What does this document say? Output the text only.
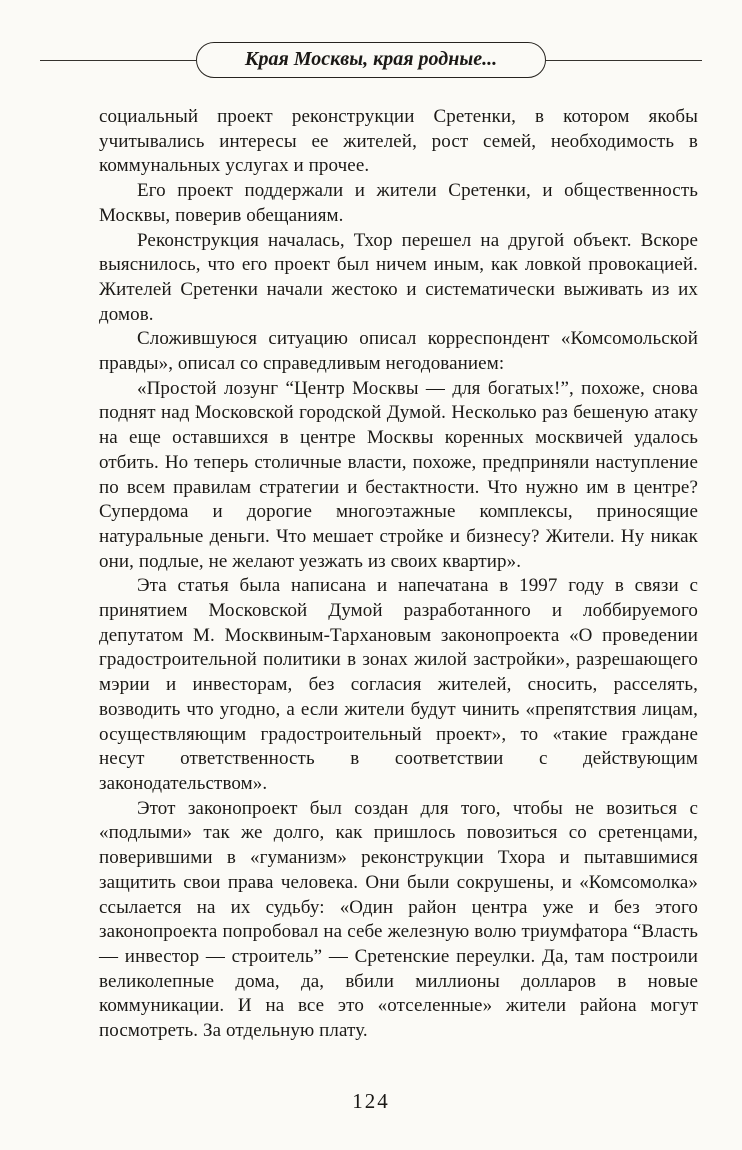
Края Москвы, края родные...

социальный проект реконструкции Сретенки, в котором якобы учитывались интересы ее жителей, рост семей, необходимость в коммунальных услугах и прочее.

Его проект поддержали и жители Сретенки, и общественность Москвы, поверив обещаниям.

Реконструкция началась, Тхор перешел на другой объект. Вскоре выяснилось, что его проект был ничем иным, как ловкой провокацией. Жителей Сретенки начали жестоко и систематически выживать из их домов.

Сложившуюся ситуацию описал корреспондент «Комсомольской правды», описал со справедливым негодованием:

«Простой лозунг “Центр Москвы — для богатых!”, похоже, снова поднят над Московской городской Думой. Несколько раз бешеную атаку на еще оставшихся в центре Москвы коренных москвичей удалось отбить. Но теперь столичные власти, похоже, предприняли наступление по всем правилам стратегии и бестактности. Что нужно им в центре? Супердома и дорогие многоэтажные комплексы, приносящие натуральные деньги. Что мешает стройке и бизнесу? Жители. Ну никак они, подлые, не желают уезжать из своих квартир».

Эта статья была написана и напечатана в 1997 году в связи с принятием Московской Думой разработанного и лоббируемого депутатом М. Москвиным-Тархановым законопроекта «О проведении градостроительной политики в зонах жилой застройки», разрешающего мэрии и инвесторам, без согласия жителей, сносить, расселять, возводить что угодно, а если жители будут чинить «препятствия лицам, осуществляющим градостроительный проект», то «такие граждане несут ответственность в соответствии с действующим законодательством».

Этот законопроект был создан для того, чтобы не возиться с «подлыми» так же долго, как пришлось повозиться со сретенцами, поверившими в «гуманизм» реконструкции Тхора и пытавшимися защитить свои права человека. Они были сокрушены, и «Комсомолка» ссылается на их судьбу: «Один район центра уже и без этого законопроекта попробовал на себе железную волю триумфатора “Власть — инвестор — строитель” — Сретенские переулки. Да, там построили великолепные дома, да, вбили миллионы долларов в новые коммуникации. И на все это «отселенные» жители района могут посмотреть. За отдельную плату.

124
